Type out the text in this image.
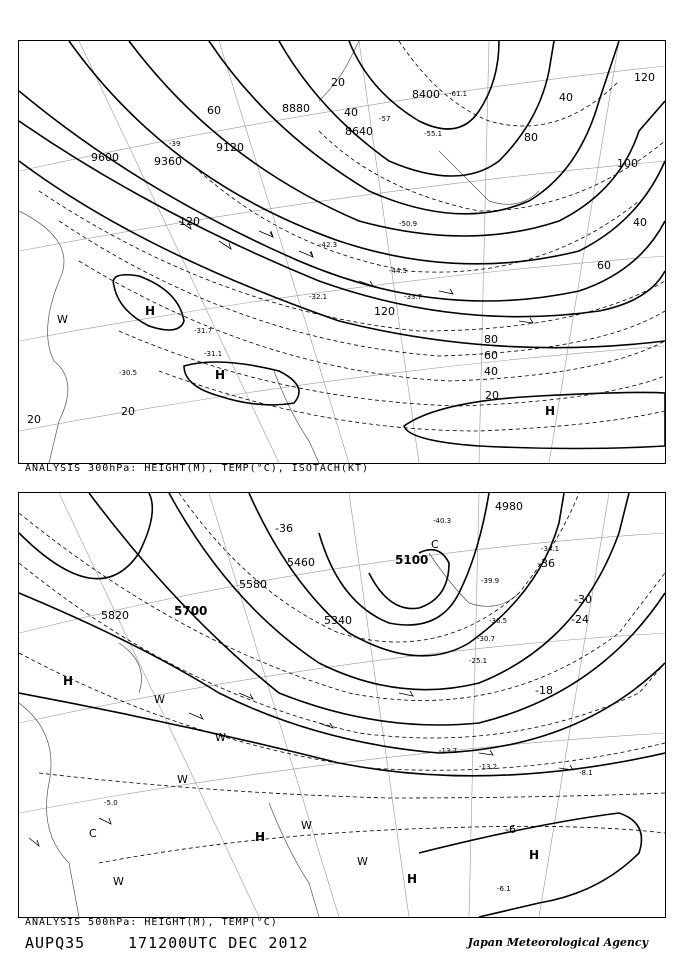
9600	9360
9120
8880
8640
8400
20
20
20
40
60
80
100
120
120
120
60
60
40
40
40
80
20
H
H
H
W
-31.7
-31.1
-30.5
-32.1	-33.7
-42.3
-44.5
-50.9
-55.1
-57
-61.1
-39
ANALYSIS 300hPa: HEIGHT(M), TEMP(°C), ISOTACH(KT)
5820	5700
5580
5460
5340
5100
4980
-36
-36
-30
-24
-18
-6
H
H
H
H
C
C
W
W
W
W
W
W
-5.0
-13.7
-13.2
-8.1
-6.1
-25.1
-30.7
-34.1
-39.9
-40.3
-36.5
ANALYSIS 500hPa: HEIGHT(M), TEMP(°C)
AUPQ35	171200UTC DEC 2012	Japan Meteorological Agency
